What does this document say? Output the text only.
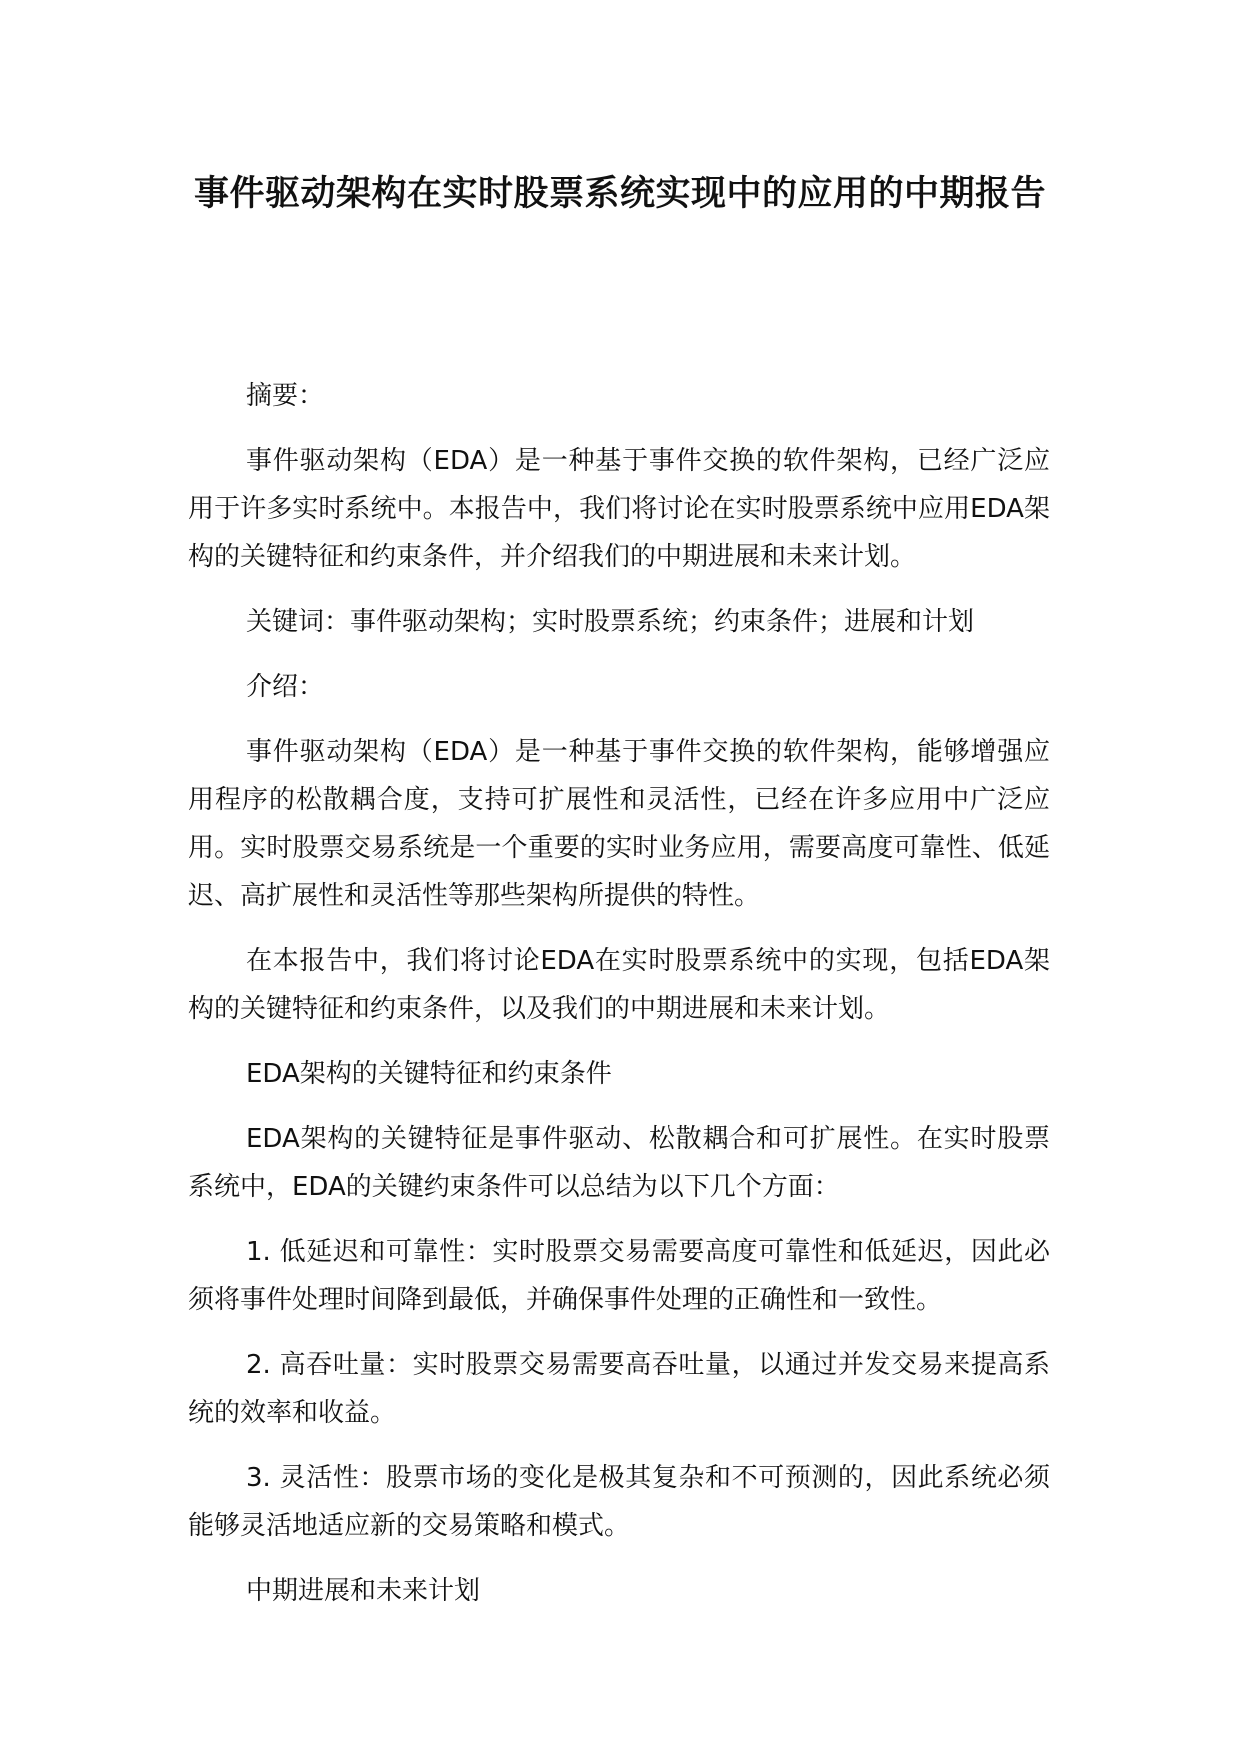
事件驱动架构在实时股票系统实现中的应用的中期报告

摘要：

事件驱动架构（EDA）是一种基于事件交换的软件架构，已经广泛应用于许多实时系统中。本报告中，我们将讨论在实时股票系统中应用EDA架构的关键特征和约束条件，并介绍我们的中期进展和未来计划。

关键词：事件驱动架构；实时股票系统；约束条件；进展和计划

介绍：

事件驱动架构（EDA）是一种基于事件交换的软件架构，能够增强应用程序的松散耦合度，支持可扩展性和灵活性，已经在许多应用中广泛应用。实时股票交易系统是一个重要的实时业务应用，需要高度可靠性、低延迟、高扩展性和灵活性等那些架构所提供的特性。

在本报告中，我们将讨论EDA在实时股票系统中的实现，包括EDA架构的关键特征和约束条件，以及我们的中期进展和未来计划。

EDA架构的关键特征和约束条件

EDA架构的关键特征是事件驱动、松散耦合和可扩展性。在实时股票系统中，EDA的关键约束条件可以总结为以下几个方面：

1. 低延迟和可靠性：实时股票交易需要高度可靠性和低延迟，因此必须将事件处理时间降到最低，并确保事件处理的正确性和一致性。

2. 高吞吐量：实时股票交易需要高吞吐量，以通过并发交易来提高系统的效率和收益。

3. 灵活性：股票市场的变化是极其复杂和不可预测的，因此系统必须能够灵活地适应新的交易策略和模式。

中期进展和未来计划
